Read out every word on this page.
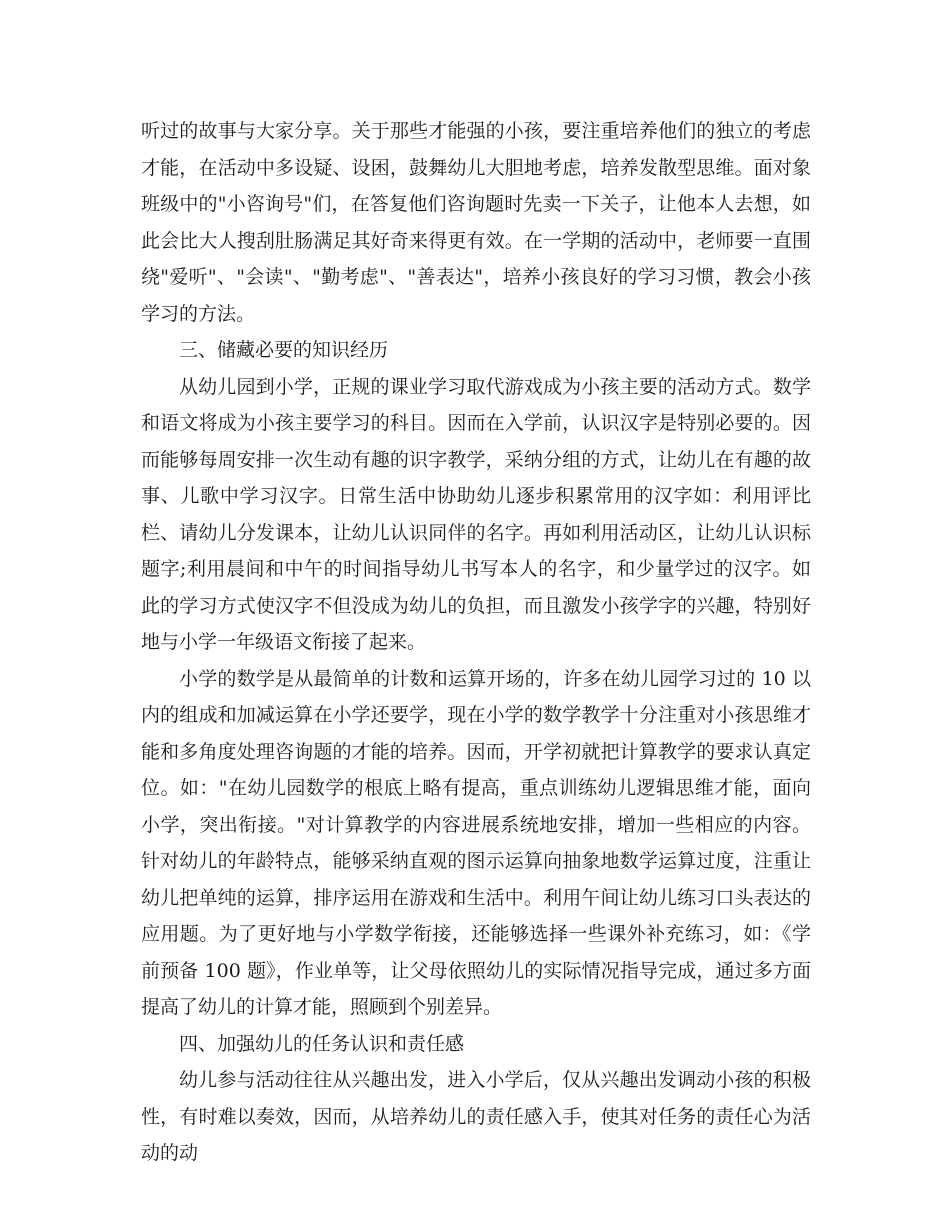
听过的故事与大家分享。关于那些才能强的小孩，要注重培养他们的独立的考虑才能，在活动中多设疑、设困，鼓舞幼儿大胆地考虑，培养发散型思维。面对象班级中的"小咨询号"们，在答复他们咨询题时先卖一下关子，让他本人去想，如此会比大人搜刮肚肠满足其好奇来得更有效。在一学期的活动中，老师要一直围绕"爱听"、"会读"、"勤考虑"、"善表达"，培养小孩良好的学习习惯，教会小孩学习的方法。

三、储藏必要的知识经历

从幼儿园到小学，正规的课业学习取代游戏成为小孩主要的活动方式。数学和语文将成为小孩主要学习的科目。因而在入学前，认识汉字是特别必要的。因而能够每周安排一次生动有趣的识字教学，采纳分组的方式，让幼儿在有趣的故事、儿歌中学习汉字。日常生活中协助幼儿逐步积累常用的汉字如：利用评比栏、请幼儿分发课本，让幼儿认识同伴的名字。再如利用活动区，让幼儿认识标题字;利用晨间和中午的时间指导幼儿书写本人的名字，和少量学过的汉字。如此的学习方式使汉字不但没成为幼儿的负担，而且激发小孩学字的兴趣，特别好地与小学一年级语文衔接了起来。

小学的数学是从最简单的计数和运算开场的，许多在幼儿园学习过的 10 以内的组成和加减运算在小学还要学，现在小学的数学教学十分注重对小孩思维才能和多角度处理咨询题的才能的培养。因而，开学初就把计算教学的要求认真定位。如："在幼儿园数学的根底上略有提高，重点训练幼儿逻辑思维才能，面向小学，突出衔接。"对计算教学的内容进展系统地安排，增加一些相应的内容。针对幼儿的年龄特点，能够采纳直观的图示运算向抽象地数学运算过度，注重让幼儿把单纯的运算，排序运用在游戏和生活中。利用午间让幼儿练习口头表达的应用题。为了更好地与小学数学衔接，还能够选择一些课外补充练习，如：《学前预备 100 题》，作业单等，让父母依照幼儿的实际情况指导完成，通过多方面提高了幼儿的计算才能，照顾到个别差异。

四、加强幼儿的任务认识和责任感

幼儿参与活动往往从兴趣出发，进入小学后，仅从兴趣出发调动小孩的积极性，有时难以奏效，因而，从培养幼儿的责任感入手，使其对任务的责任心为活动的动
